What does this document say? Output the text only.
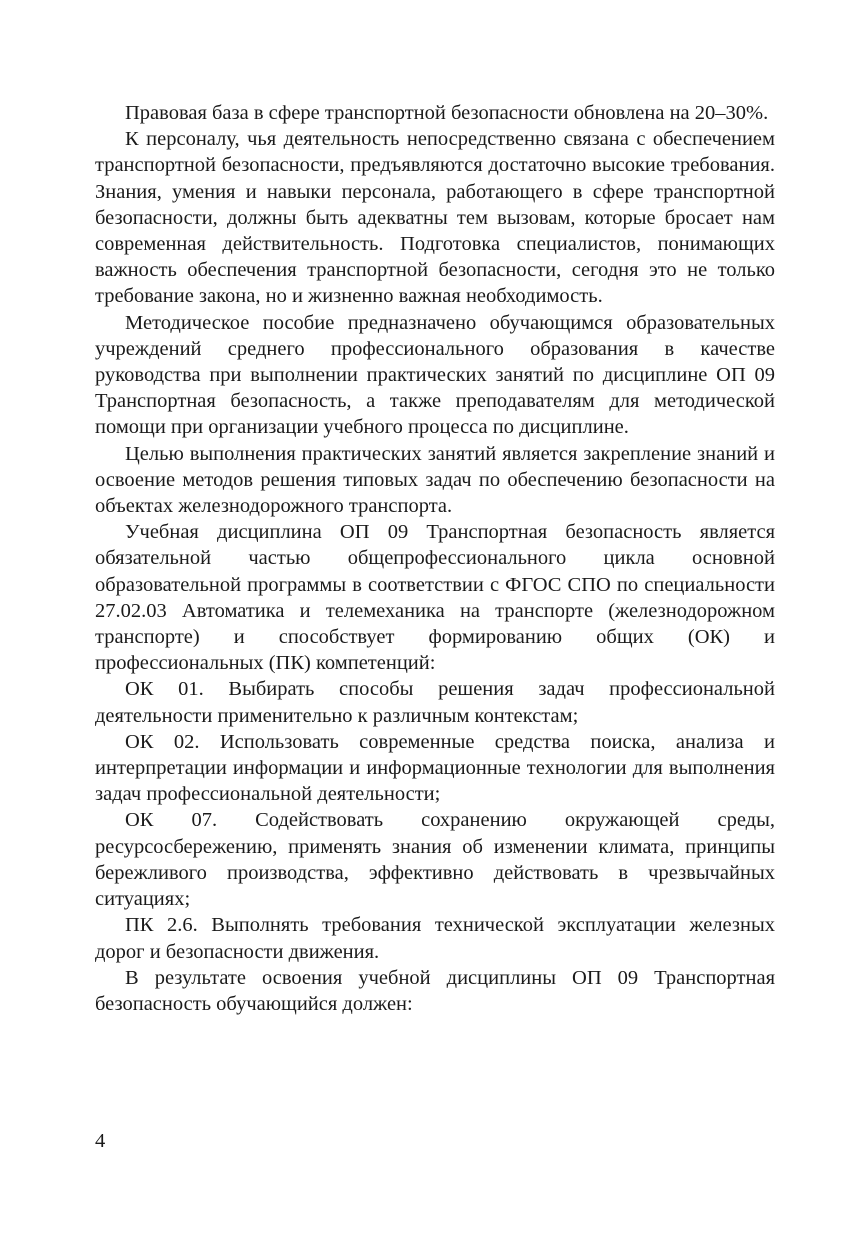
Правовая база в сфере транспортной безопасности обновлена на 20–30%.

К персоналу, чья деятельность непосредственно связана с обеспечением транспортной безопасности, предъявляются достаточно высокие требования. Знания, умения и навыки персонала, работающего в сфере транспортной безопасности, должны быть адекватны тем вызовам, которые бросает нам современная действительность. Подготовка специалистов, понимающих важность обеспечения транспортной безопасности, сегодня это не только требование закона, но и жизненно важная необходимость.

Методическое пособие предназначено обучающимся образовательных учреждений среднего профессионального образования в качестве руководства при выполнении практических занятий по дисциплине ОП 09 Транспортная безопасность, а также преподавателям для методической помощи при организации учебного процесса по дисциплине.

Целью выполнения практических занятий является закрепление знаний и освоение методов решения типовых задач по обеспечению безопасности на объектах железнодорожного транспорта.

Учебная дисциплина ОП 09 Транспортная безопасность является обязательной частью общепрофессионального цикла основной образовательной программы в соответствии с ФГОС СПО по специальности 27.02.03 Автоматика и телемеханика на транспорте (железнодорожном транспорте) и способствует формированию общих (ОК) и профессиональных (ПК) компетенций:

ОК 01. Выбирать способы решения задач профессиональной деятельности применительно к различным контекстам;

ОК 02. Использовать современные средства поиска, анализа и интерпретации информации и информационные технологии для выполнения задач профессиональной деятельности;

ОК 07. Содействовать сохранению окружающей среды, ресурсосбережению, применять знания об изменении климата, принципы бережливого производства, эффективно действовать в чрезвычайных ситуациях;

ПК 2.6. Выполнять требования технической эксплуатации железных дорог и безопасности движения.

В результате освоения учебной дисциплины ОП 09 Транспортная безопасность обучающийся должен:

4
